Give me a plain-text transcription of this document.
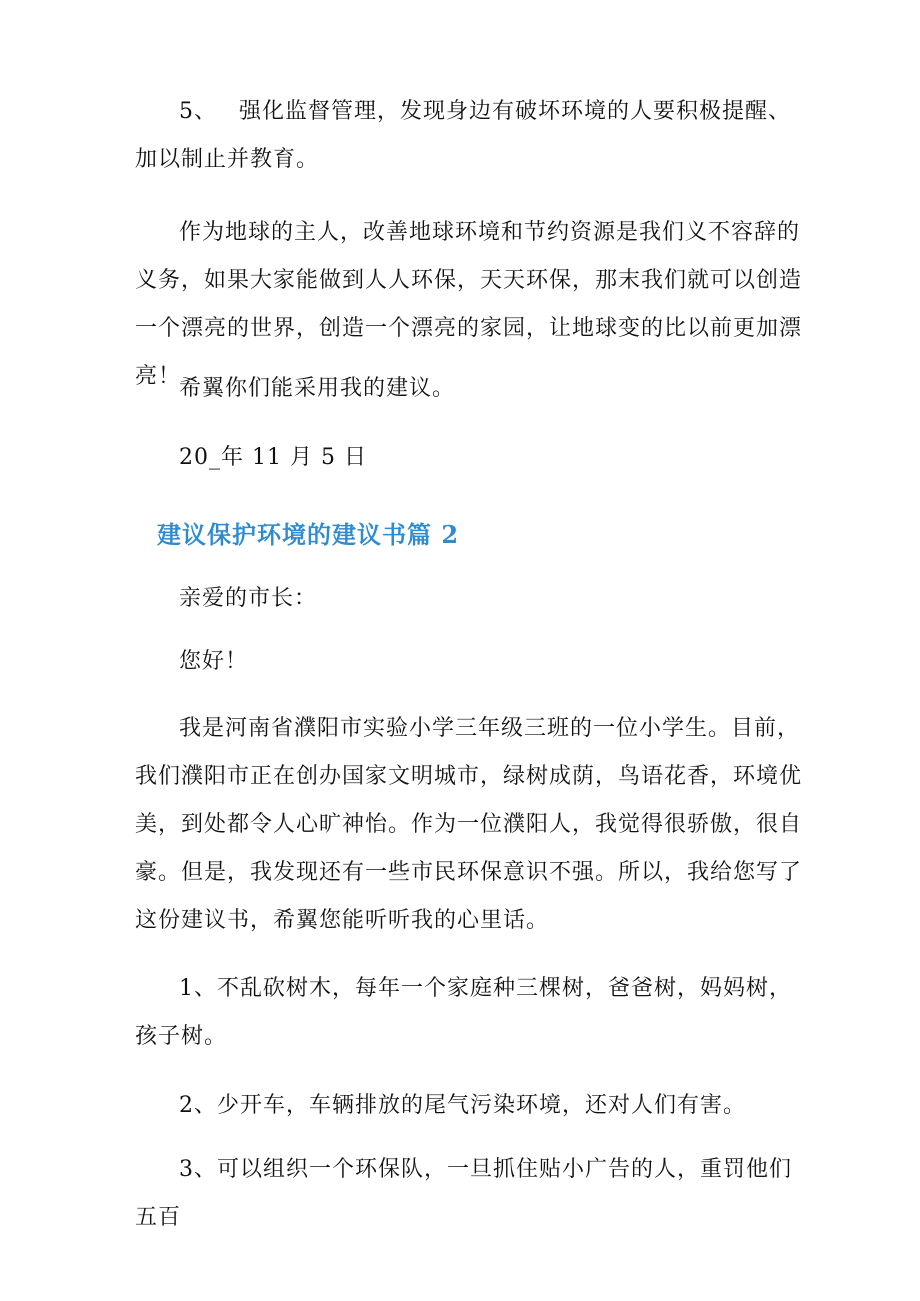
5、 强化监督管理，发现身边有破坏环境的人要积极提醒、加以制止并教育。

作为地球的主人，改善地球环境和节约资源是我们义不容辞的义务，如果大家能做到人人环保，天天环保，那末我们就可以创造一个漂亮的世界，创造一个漂亮的家园，让地球变的比以前更加漂亮！

希翼你们能采用我的建议。

20_年 11 月 5 日

建议保护环境的建议书篇 2

亲爱的市长：

您好！

我是河南省濮阳市实验小学三年级三班的一位小学生。目前，我们濮阳市正在创办国家文明城市，绿树成荫，鸟语花香，环境优美，到处都令人心旷神怡。作为一位濮阳人，我觉得很骄傲，很自豪。但是，我发现还有一些市民环保意识不强。所以，我给您写了这份建议书，希翼您能听听我的心里话。

1、不乱砍树木，每年一个家庭种三棵树，爸爸树，妈妈树，孩子树。

2、少开车，车辆排放的尾气污染环境，还对人们有害。

3、可以组织一个环保队，一旦抓住贴小广告的人，重罚他们五百
